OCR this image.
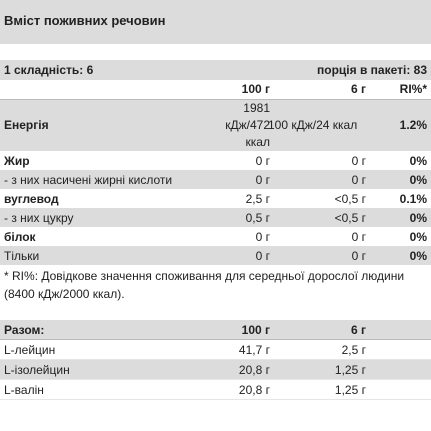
Вміст поживних речовин
1 складність: 6	порція в пакеті: 83
	100 г	6 г	RI%*
Енергія	1981
кДж/472
ккал	100 кДж/24 ккал	1.2%
Жир	0 г	0 г	0%
- з них насичені жирні кислоти	0 г	0 г	0%
вуглевод	2,5 г	<0,5 г	0.1%
- з них цукру	0,5 г	<0,5 г	0%
білок	0 г	0 г	0%
Тільки	0 г	0 г	0%
* RI%: Довідкове значення споживання для середньої дорослої людини (8400 кДж/2000 ккал).
Разом:	100 г	6 г	
L-лейцин	41,7 г	2,5 г	
L-ізолейцин	20,8 г	1,25 г	
L-валін	20,8 г	1,25 г	
